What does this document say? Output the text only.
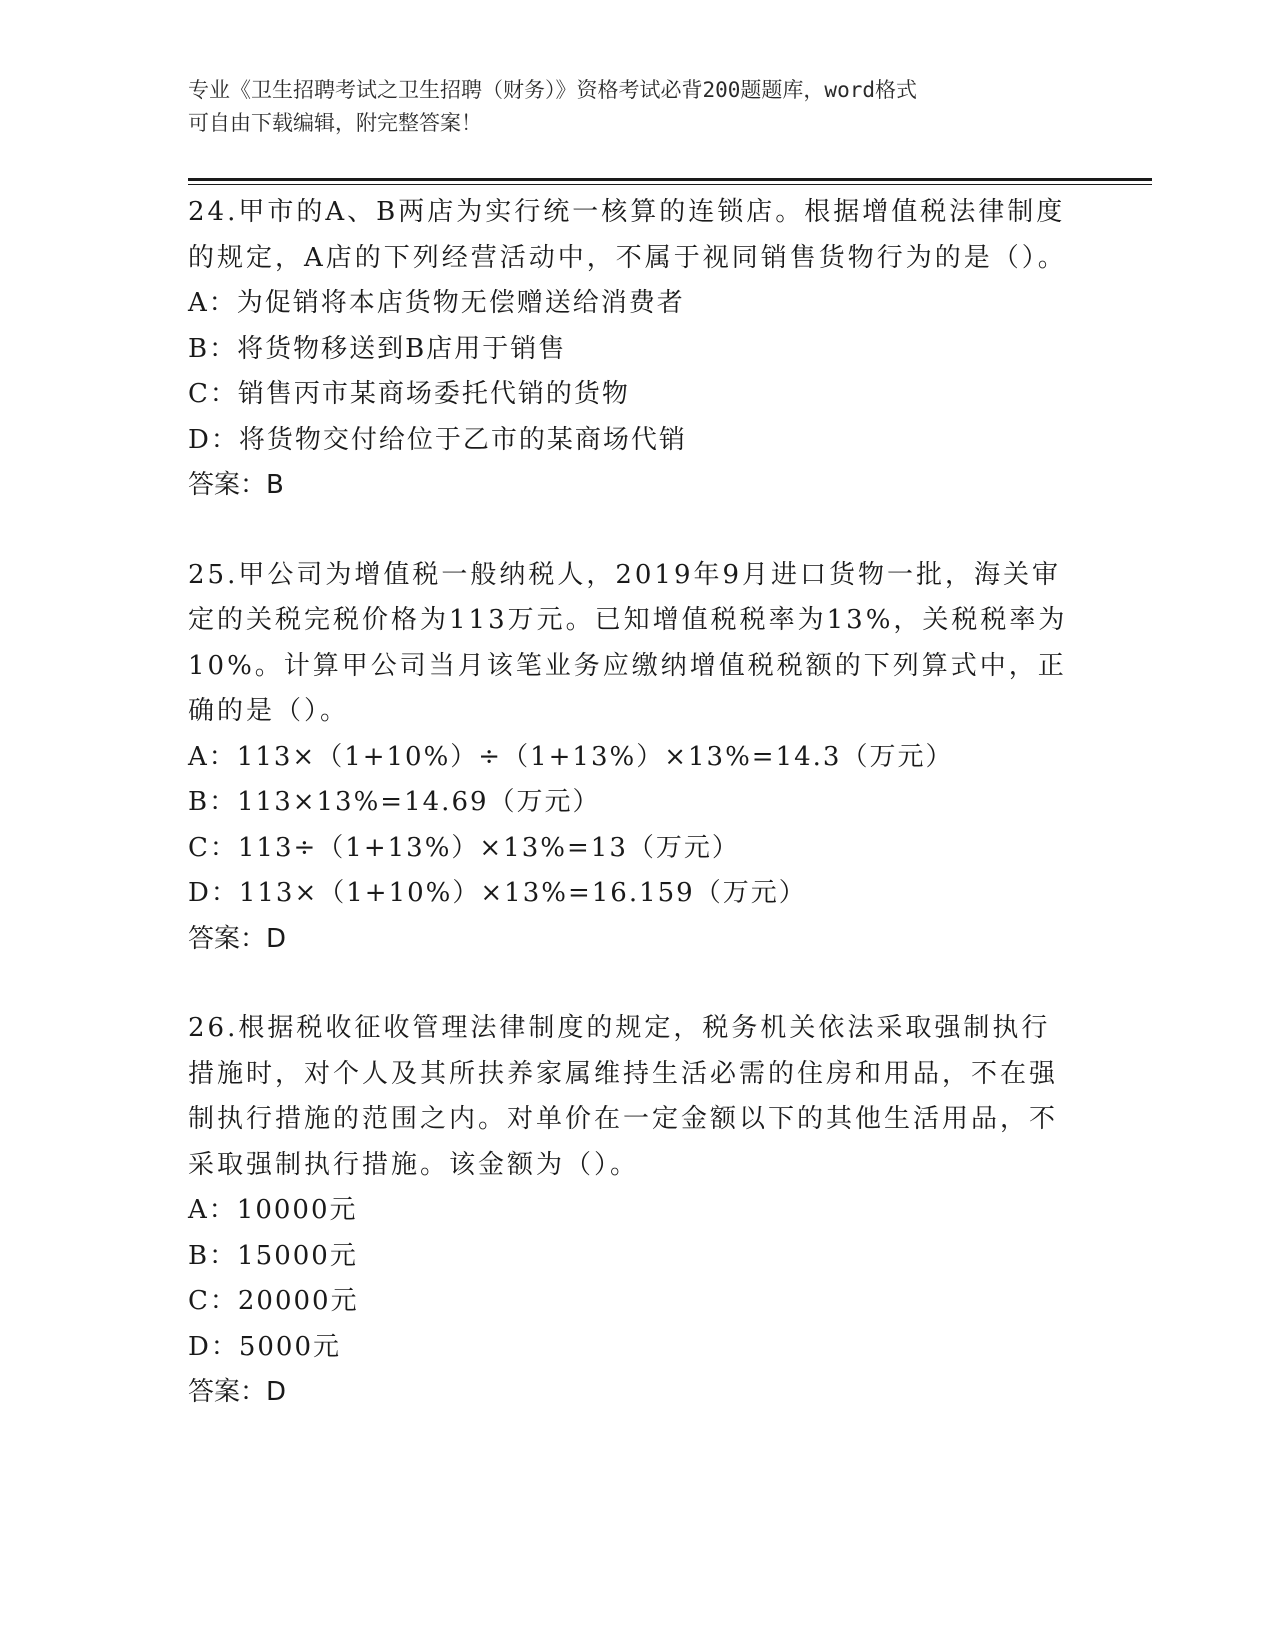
专业《卫生招聘考试之卫生招聘（财务）》资格考试必背200题题库，word格式
可自由下载编辑，附完整答案！

24.甲市的A、B两店为实行统一核算的连锁店。根据增值税法律制度的规定，A店的下列经营活动中，不属于视同销售货物行为的是（）。

A：为促销将本店货物无偿赠送给消费者

B：将货物移送到B店用于销售

C：销售丙市某商场委托代销的货物

D：将货物交付给位于乙市的某商场代销

答案：B

25.甲公司为增值税一般纳税人，2019年9月进口货物一批，海关审定的关税完税价格为113万元。已知增值税税率为13%，关税税率为10%。计算甲公司当月该笔业务应缴纳增值税税额的下列算式中，正确的是（）。

A：113×（1+10%）÷（1+13%）×13%=14.3（万元）

B：113×13%=14.69（万元）

C：113÷（1+13%）×13%=13（万元）

D：113×（1+10%）×13%=16.159（万元）

答案：D

26.根据税收征收管理法律制度的规定，税务机关依法采取强制执行措施时，对个人及其所扶养家属维持生活必需的住房和用品，不在强制执行措施的范围之内。对单价在一定金额以下的其他生活用品，不采取强制执行措施。该金额为（）。

A：10000元

B：15000元

C：20000元

D：5000元

答案：D
